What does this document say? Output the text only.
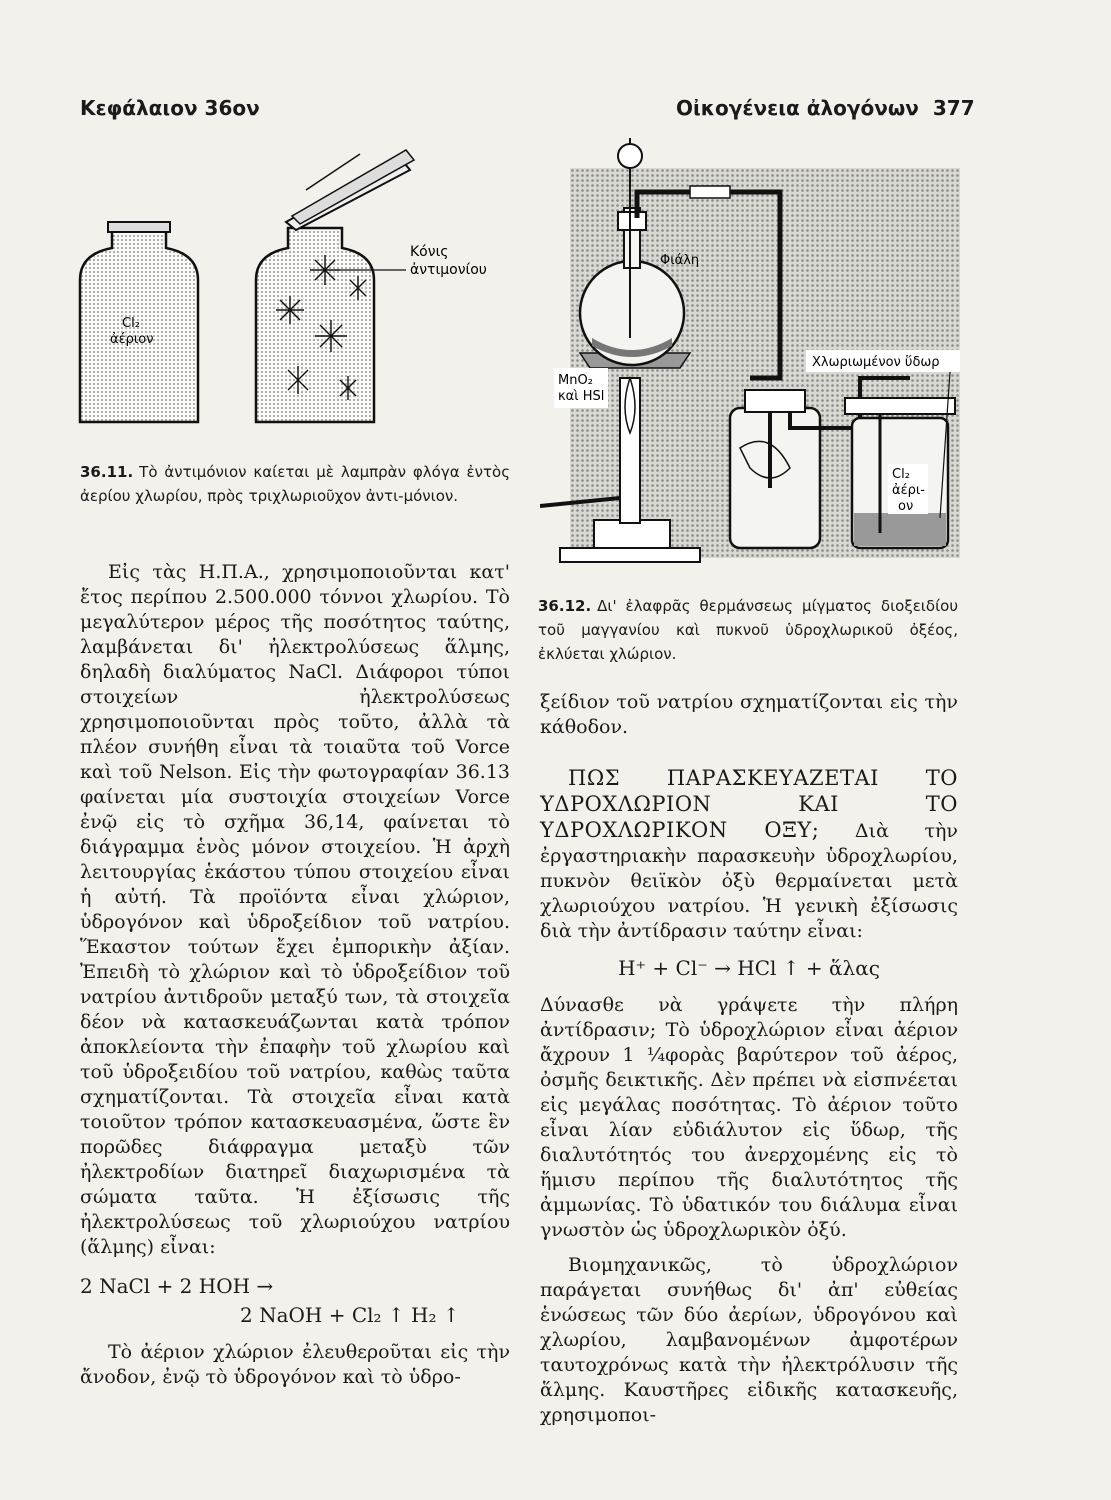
Κεφάλαιον 36ον	Οἰκογένεια ἀλογόνων 377
Cl₂
ἀέριον
Κόνις
ἀντιμονίου
36.11. Τὸ ἀντιμόνιον καίεται μὲ λαμπρὰν φλόγα ἐντὸς ἀερίου χλωρίου, πρὸς τριχλωριοῦχον ἀντι-μόνιον.
Χλωριωμένον ὕδωρ
Φιάλη
MnO₂
καὶ HSl
Cl₂
ἀέρι-
ον
36.12. Δι' ἐλαφρᾶς θερμάνσεως μίγματος διοξειδίου τοῦ μαγγανίου καὶ πυκνοῦ ὑδροχλωρικοῦ ὀξέος, ἐκλύεται χλώριον.

Εἰς τὰς Η.Π.Α., χρησιμοποιοῦνται κατ' ἔτος περίπου 2.500.000 τόννοι χλωρίου. Τὸ μεγαλύτερον μέρος τῆς ποσότητος ταύτης, λαμβάνεται δι' ἠλεκτρολύσεως ἅλμης, δηλαδὴ διαλύματος NaCl. Διάφοροι τύποι στοιχείων ἠλεκτρολύσεως χρησιμοποιοῦνται πρὸς τοῦτο, ἀλλὰ τὰ πλέον συνήθη εἶναι τὰ τοιαῦτα τοῦ Vorce καὶ τοῦ Nelson. Εἰς τὴν φωτογραφίαν 36.13 φαίνεται μία συστοιχία στοιχείων Vorce ἐνῷ εἰς τὸ σχῆμα 36,14, φαίνεται τὸ διάγραμμα ἑνὸς μόνον στοιχείου. Ἡ ἀρχὴ λειτουργίας ἑκάστου τύπου στοιχείου εἶναι ἡ αὐτή. Τὰ προϊόντα εἶναι χλώριον, ὑδρογόνον καὶ ὑδροξείδιον τοῦ νατρίου. Ἕκαστον τούτων ἔχει ἐμπορικὴν ἀξίαν. Ἐπειδὴ τὸ χλώριον καὶ τὸ ὑδροξείδιον τοῦ νατρίου ἀντιδροῦν μεταξύ των, τὰ στοιχεῖα δέον νὰ κατασκευάζωνται κατὰ τρόπον ἀποκλείοντα τὴν ἐπαφὴν τοῦ χλωρίου καὶ τοῦ ὑδροξειδίου τοῦ νατρίου, καθὼς ταῦτα σχηματίζονται. Τὰ στοιχεῖα εἶναι κατὰ τοιοῦτον τρόπον κατασκευασμένα, ὥστε ἓν πορῶδες διάφραγμα μεταξὺ τῶν ἠλεκτροδίων διατηρεῖ διαχωρισμένα τὰ σώματα ταῦτα. Ἡ ἐξίσωσις τῆς ἠλεκτρολύσεως τοῦ χλωριούχου νατρίου (ἅλμης) εἶναι:

2 NaCl + 2 HOH →
2 NaOH + Cl₂ ↑ H₂ ↑

Τὸ ἀέριον χλώριον ἐλευθεροῦται εἰς τὴν ἄνοδον, ἐνῷ τὸ ὑδρογόνον καὶ τὸ ὑδρο-

ξείδιον τοῦ νατρίου σχηματίζονται εἰς τὴν κάθοδον.

ΠΩΣ ΠΑΡΑΣΚΕΥΑΖΕΤΑΙ ΤΟ ΥΔΡΟΧΛΩΡΙΟΝ ΚΑΙ ΤΟ ΥΔΡΟΧΛΩΡΙΚΟΝ ΟΞΥ; Διὰ τὴν ἐργαστηριακὴν παρασκευὴν ὑδροχλωρίου, πυκνὸν θειϊκὸν ὀξὺ θερμαίνεται μετὰ χλωριούχου νατρίου. Ἡ γενικὴ ἐξίσωσις διὰ τὴν ἀντίδρασιν ταύτην εἶναι:

H⁺ + Cl⁻ → HCl ↑ + ἅλας

Δύνασθε νὰ γράψετε τὴν πλήρη ἀντίδρασιν; Τὸ ὑδροχλώριον εἶναι ἀέριον ἄχρουν 1 ¼φορὰς βαρύτερον τοῦ ἀέρος, ὀσμῆς δεικτικῆς. Δὲν πρέπει νὰ εἰσπνέεται εἰς μεγάλας ποσότητας. Τὸ ἀέριον τοῦτο εἶναι λίαν εὐδιάλυτον εἰς ὕδωρ, τῆς διαλυτότητός του ἀνερχομένης εἰς τὸ ἥμισυ περίπου τῆς διαλυτότητος τῆς ἀμμωνίας. Τὸ ὑδατικόν του διάλυμα εἶναι γνωστὸν ὡς ὑδροχλωρικὸν ὀξύ.

Βιομηχανικῶς, τὸ ὑδροχλώριον παράγεται συνήθως δι' ἀπ' εὐθείας ἑνώσεως τῶν δύο ἀερίων, ὑδρογόνου καὶ χλωρίου, λαμβανομένων ἀμφοτέρων ταυτοχρόνως κατὰ τὴν ἠλεκτρόλυσιν τῆς ἅλμης. Καυστῆρες εἰδικῆς κατασκευῆς, χρησιμοποι-
